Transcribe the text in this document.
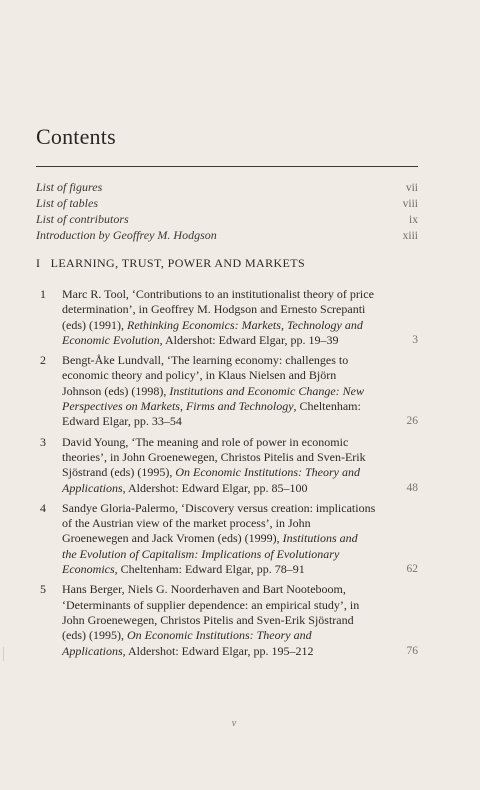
Contents
List of figures	vii
List of tables	viii
List of contributors	ix
Introduction by Geoffrey M. Hodgson	xiii
I   LEARNING, TRUST, POWER AND MARKETS
1	Marc R. Tool, ‘Contributions to an institutionalist theory of price
determination’, in Geoffrey M. Hodgson and Ernesto Screpanti
(eds) (1991), Rethinking Economics: Markets, Technology and
Economic Evolution, Aldershot: Edward Elgar, pp. 19–39	3
2	Bengt-Åke Lundvall, ‘The learning economy: challenges to
economic theory and policy’, in Klaus Nielsen and Björn
Johnson (eds) (1998), Institutions and Economic Change: New
Perspectives on Markets, Firms and Technology, Cheltenham:
Edward Elgar, pp. 33–54	26
3	David Young, ‘The meaning and role of power in economic
theories’, in John Groenewegen, Christos Pitelis and Sven-Erik
Sjöstrand (eds) (1995), On Economic Institutions: Theory and
Applications, Aldershot: Edward Elgar, pp. 85–100	48
4	Sandye Gloria-Palermo, ‘Discovery versus creation: implications
of the Austrian view of the market process’, in John
Groenewegen and Jack Vromen (eds) (1999), Institutions and
the Evolution of Capitalism: Implications of Evolutionary
Economics, Cheltenham: Edward Elgar, pp. 78–91	62
5	Hans Berger, Niels G. Noorderhaven and Bart Nooteboom,
‘Determinants of supplier dependence: an empirical study’, in
John Groenewegen, Christos Pitelis and Sven-Erik Sjöstrand
(eds) (1995), On Economic Institutions: Theory and
Applications, Aldershot: Edward Elgar, pp. 195–212	76
v
